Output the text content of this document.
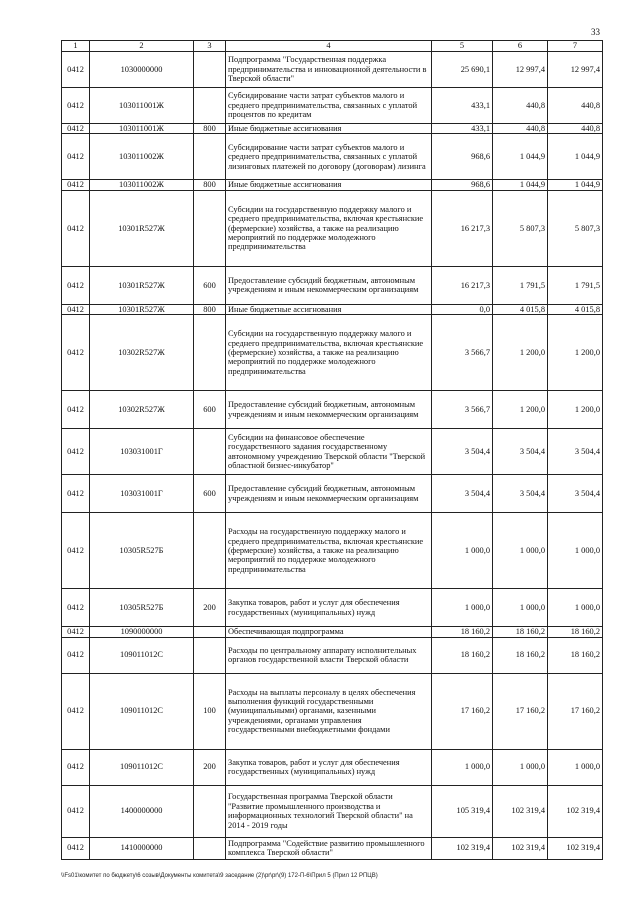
33
1	2	3	4	5	6	7
0412	1030000000		Подпрограмма "Государственная поддержка предпринимательства и инновационной деятельности в Тверской области"	25 690,1	12 997,4	12 997,4
0412	103011001Ж		Субсидирование части затрат субъектов малого и среднего предпринимательства, связанных с уплатой процентов по кредитам	433,1	440,8	440,8
0412	103011001Ж	800	Иные бюджетные ассигнования	433,1	440,8	440,8
0412	103011002Ж		Субсидирование части затрат субъектов малого и среднего предпринимательства, связанных с уплатой лизинговых платежей по договору (договорам) лизинга	968,6	1 044,9	1 044,9
0412	103011002Ж	800	Иные бюджетные ассигнования	968,6	1 044,9	1 044,9
0412	10301R527Ж		Субсидии на государственную поддержку малого и среднего предпринимательства, включая крестьянские (фермерские) хозяйства, а также на реализацию мероприятий по поддержке молодежного предпринимательства	16 217,3	5 807,3	5 807,3
0412	10301R527Ж	600	Предоставление субсидий бюджетным, автономным учреждениям и иным некоммерческим организациям	16 217,3	1 791,5	1 791,5
0412	10301R527Ж	800	Иные бюджетные ассигнования	0,0	4 015,8	4 015,8
0412	10302R527Ж		Субсидии на государственную поддержку малого и среднего предпринимательства, включая крестьянские (фермерские) хозяйства, а также на реализацию мероприятий по поддержке молодежного предпринимательства	3 566,7	1 200,0	1 200,0
0412	10302R527Ж	600	Предоставление субсидий бюджетным, автономным учреждениям и иным некоммерческим организациям	3 566,7	1 200,0	1 200,0
0412	103031001Г		Субсидии на финансовое обеспечение государственного задания государственному автономному учреждению Тверской области "Тверской областной бизнес-инкубатор"	3 504,4	3 504,4	3 504,4
0412	103031001Г	600	Предоставление субсидий бюджетным, автономным учреждениям и иным некоммерческим организациям	3 504,4	3 504,4	3 504,4
0412	10305R527Б		Расходы на государственную поддержку малого и среднего предпринимательства, включая крестьянские (фермерские) хозяйства, а также на реализацию мероприятий по поддержке молодежного предпринимательства	1 000,0	1 000,0	1 000,0
0412	10305R527Б	200	Закупка товаров, работ и услуг для обеспечения государственных (муниципальных) нужд	1 000,0	1 000,0	1 000,0
0412	1090000000		Обеспечивающая подпрограмма	18 160,2	18 160,2	18 160,2
0412	109011012С		Расходы по центральному аппарату исполнительных органов государственной власти Тверской области	18 160,2	18 160,2	18 160,2
0412	109011012С	100	Расходы на выплаты персоналу в целях обеспечения выполнения функций государственными (муниципальными) органами, казенными учреждениями, органами управления государственными внебюджетными фондами	17 160,2	17 160,2	17 160,2
0412	109011012С	200	Закупка товаров, работ и услуг для обеспечения государственных (муниципальных) нужд	1 000,0	1 000,0	1 000,0
0412	1400000000		Государственная программа Тверской области "Развитие промышленного производства и информационных технологий Тверской области" на 2014 - 2019 годы	105 319,4	102 319,4	102 319,4
0412	1410000000		Подпрограмма "Содействие развитию промышленного комплекса Тверской области"	102 319,4	102 319,4	102 319,4
\\Fs01\комитет по бюджету\6 созыв\Документы комитета\9 заседание (2)\pr\pr\(9) 172-П-6\Прил 5 (Прил 12 РПЦВ)
